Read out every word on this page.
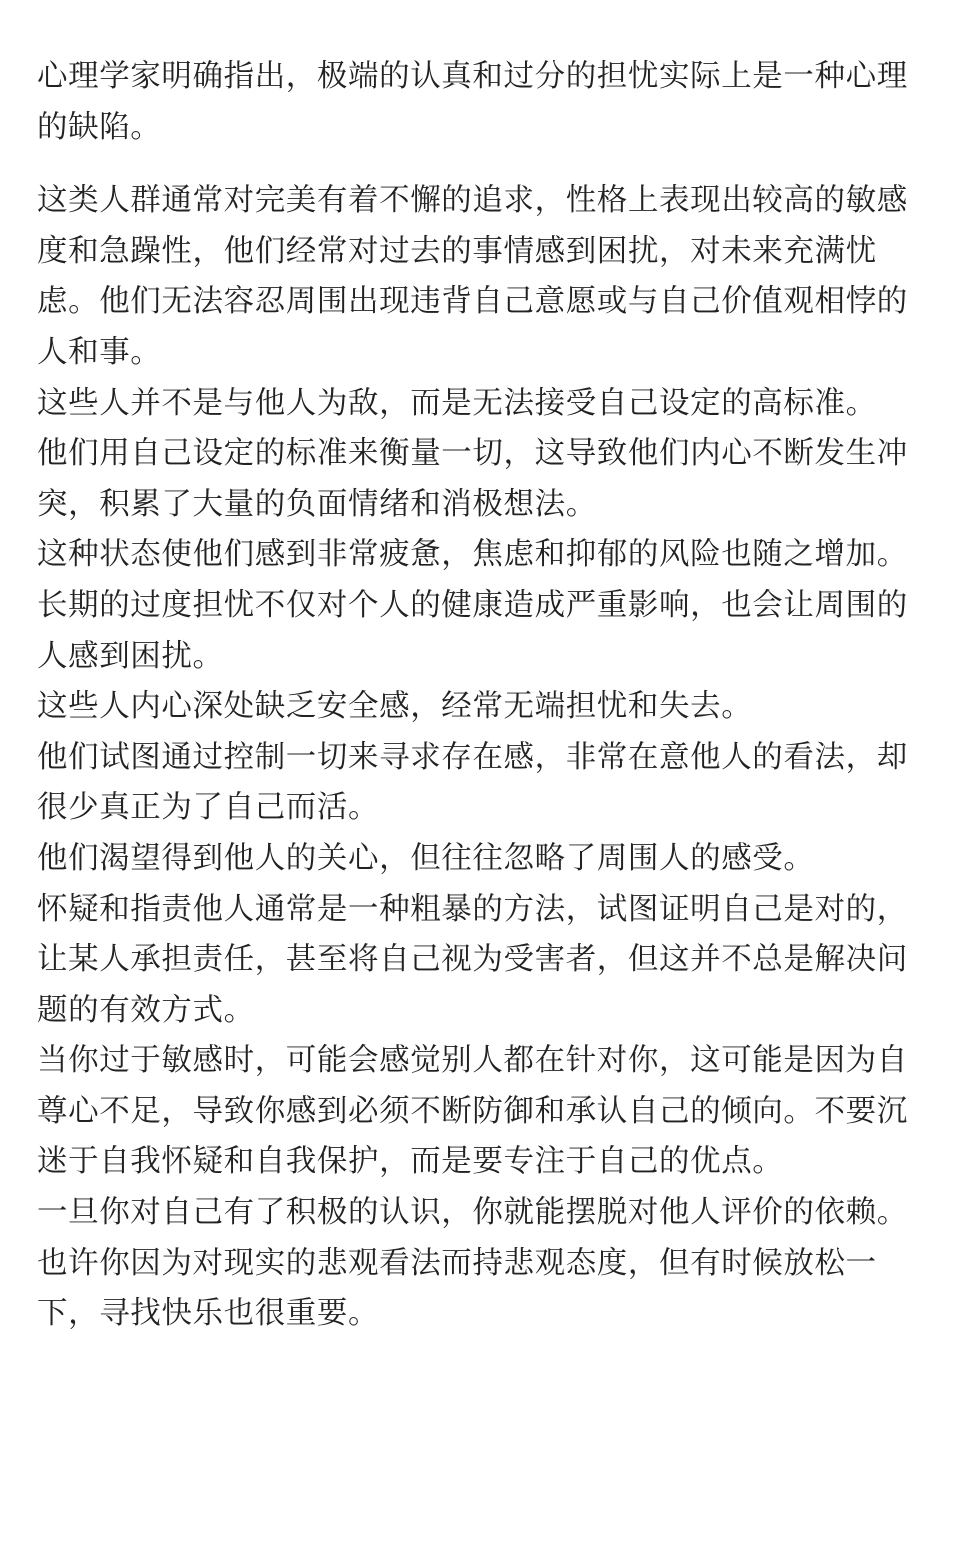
心理学家明确指出，极端的认真和过分的担忧实际上是一种心理的缺陷。

这类人群通常对完美有着不懈的追求，性格上表现出较高的敏感度和急躁性，他们经常对过去的事情感到困扰，对未来充满忧虑。他们无法容忍周围出现违背自己意愿或与自己价值观相悖的人和事。

这些人并不是与他人为敌，而是无法接受自己设定的高标准。

他们用自己设定的标准来衡量一切，这导致他们内心不断发生冲突，积累了大量的负面情绪和消极想法。

这种状态使他们感到非常疲惫，焦虑和抑郁的风险也随之增加。

长期的过度担忧不仅对个人的健康造成严重影响，也会让周围的人感到困扰。

这些人内心深处缺乏安全感，经常无端担忧和失去。

他们试图通过控制一切来寻求存在感，非常在意他人的看法，却很少真正为了自己而活。

他们渴望得到他人的关心，但往往忽略了周围人的感受。

怀疑和指责他人通常是一种粗暴的方法，试图证明自己是对的，让某人承担责任，甚至将自己视为受害者，但这并不总是解决问题的有效方式。

当你过于敏感时，可能会感觉别人都在针对你，这可能是因为自尊心不足，导致你感到必须不断防御和承认自己的倾向。不要沉迷于自我怀疑和自我保护，而是要专注于自己的优点。

一旦你对自己有了积极的认识，你就能摆脱对他人评价的依赖。

也许你因为对现实的悲观看法而持悲观态度，但有时候放松一下，寻找快乐也很重要。
